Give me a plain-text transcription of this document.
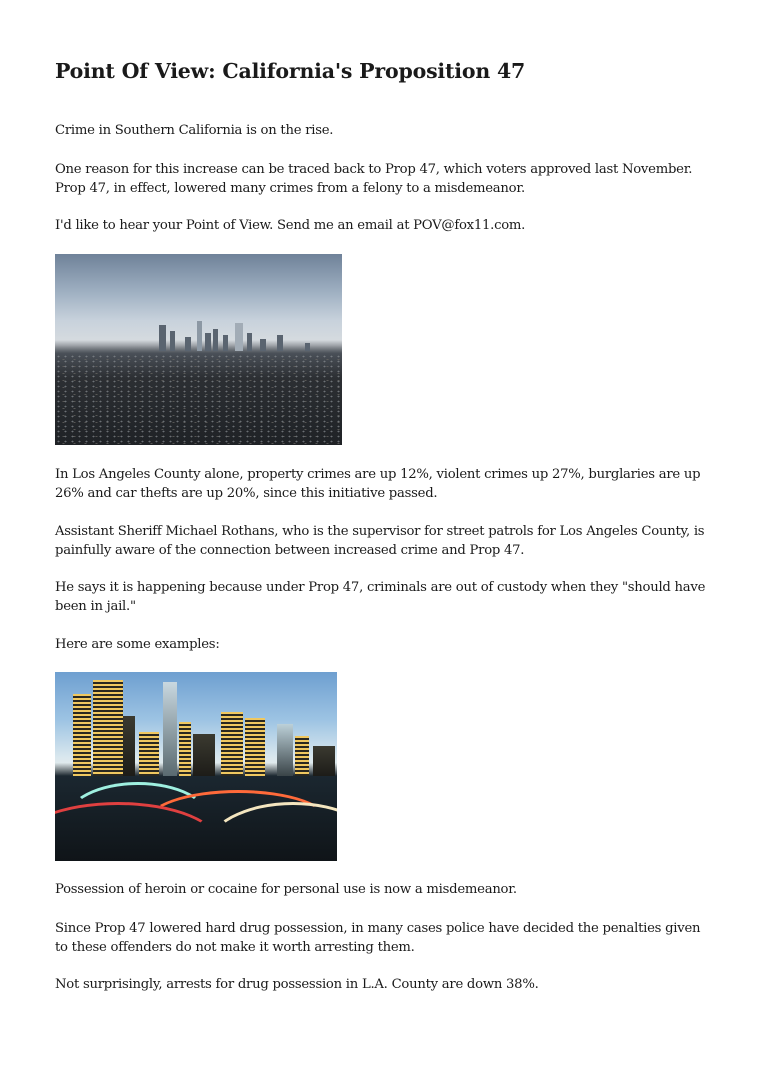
Point Of View: California's Proposition 47

Crime in Southern California is on the rise.

One reason for this increase can be traced back to Prop 47, which voters approved last November.
Prop 47, in effect, lowered many crimes from a felony to a misdemeanor.

I'd like to hear your Point of View. Send me an email at POV@fox11.com.

In Los Angeles County alone, property crimes are up 12%, violent crimes up 27%, burglaries are up
26% and car thefts are up 20%, since this initiative passed.

Assistant Sheriff Michael Rothans, who is the supervisor for street patrols for Los Angeles County, is
painfully aware of the connection between increased crime and Prop 47.

He says it is happening because under Prop 47, criminals are out of custody when they "should have
been in jail."

Here are some examples:

Possession of heroin or cocaine for personal use is now a misdemeanor.

Since Prop 47 lowered hard drug possession, in many cases police have decided the penalties given
to these offenders do not make it worth arresting them.

Not surprisingly, arrests for drug possession in L.A. County are down 38%.
